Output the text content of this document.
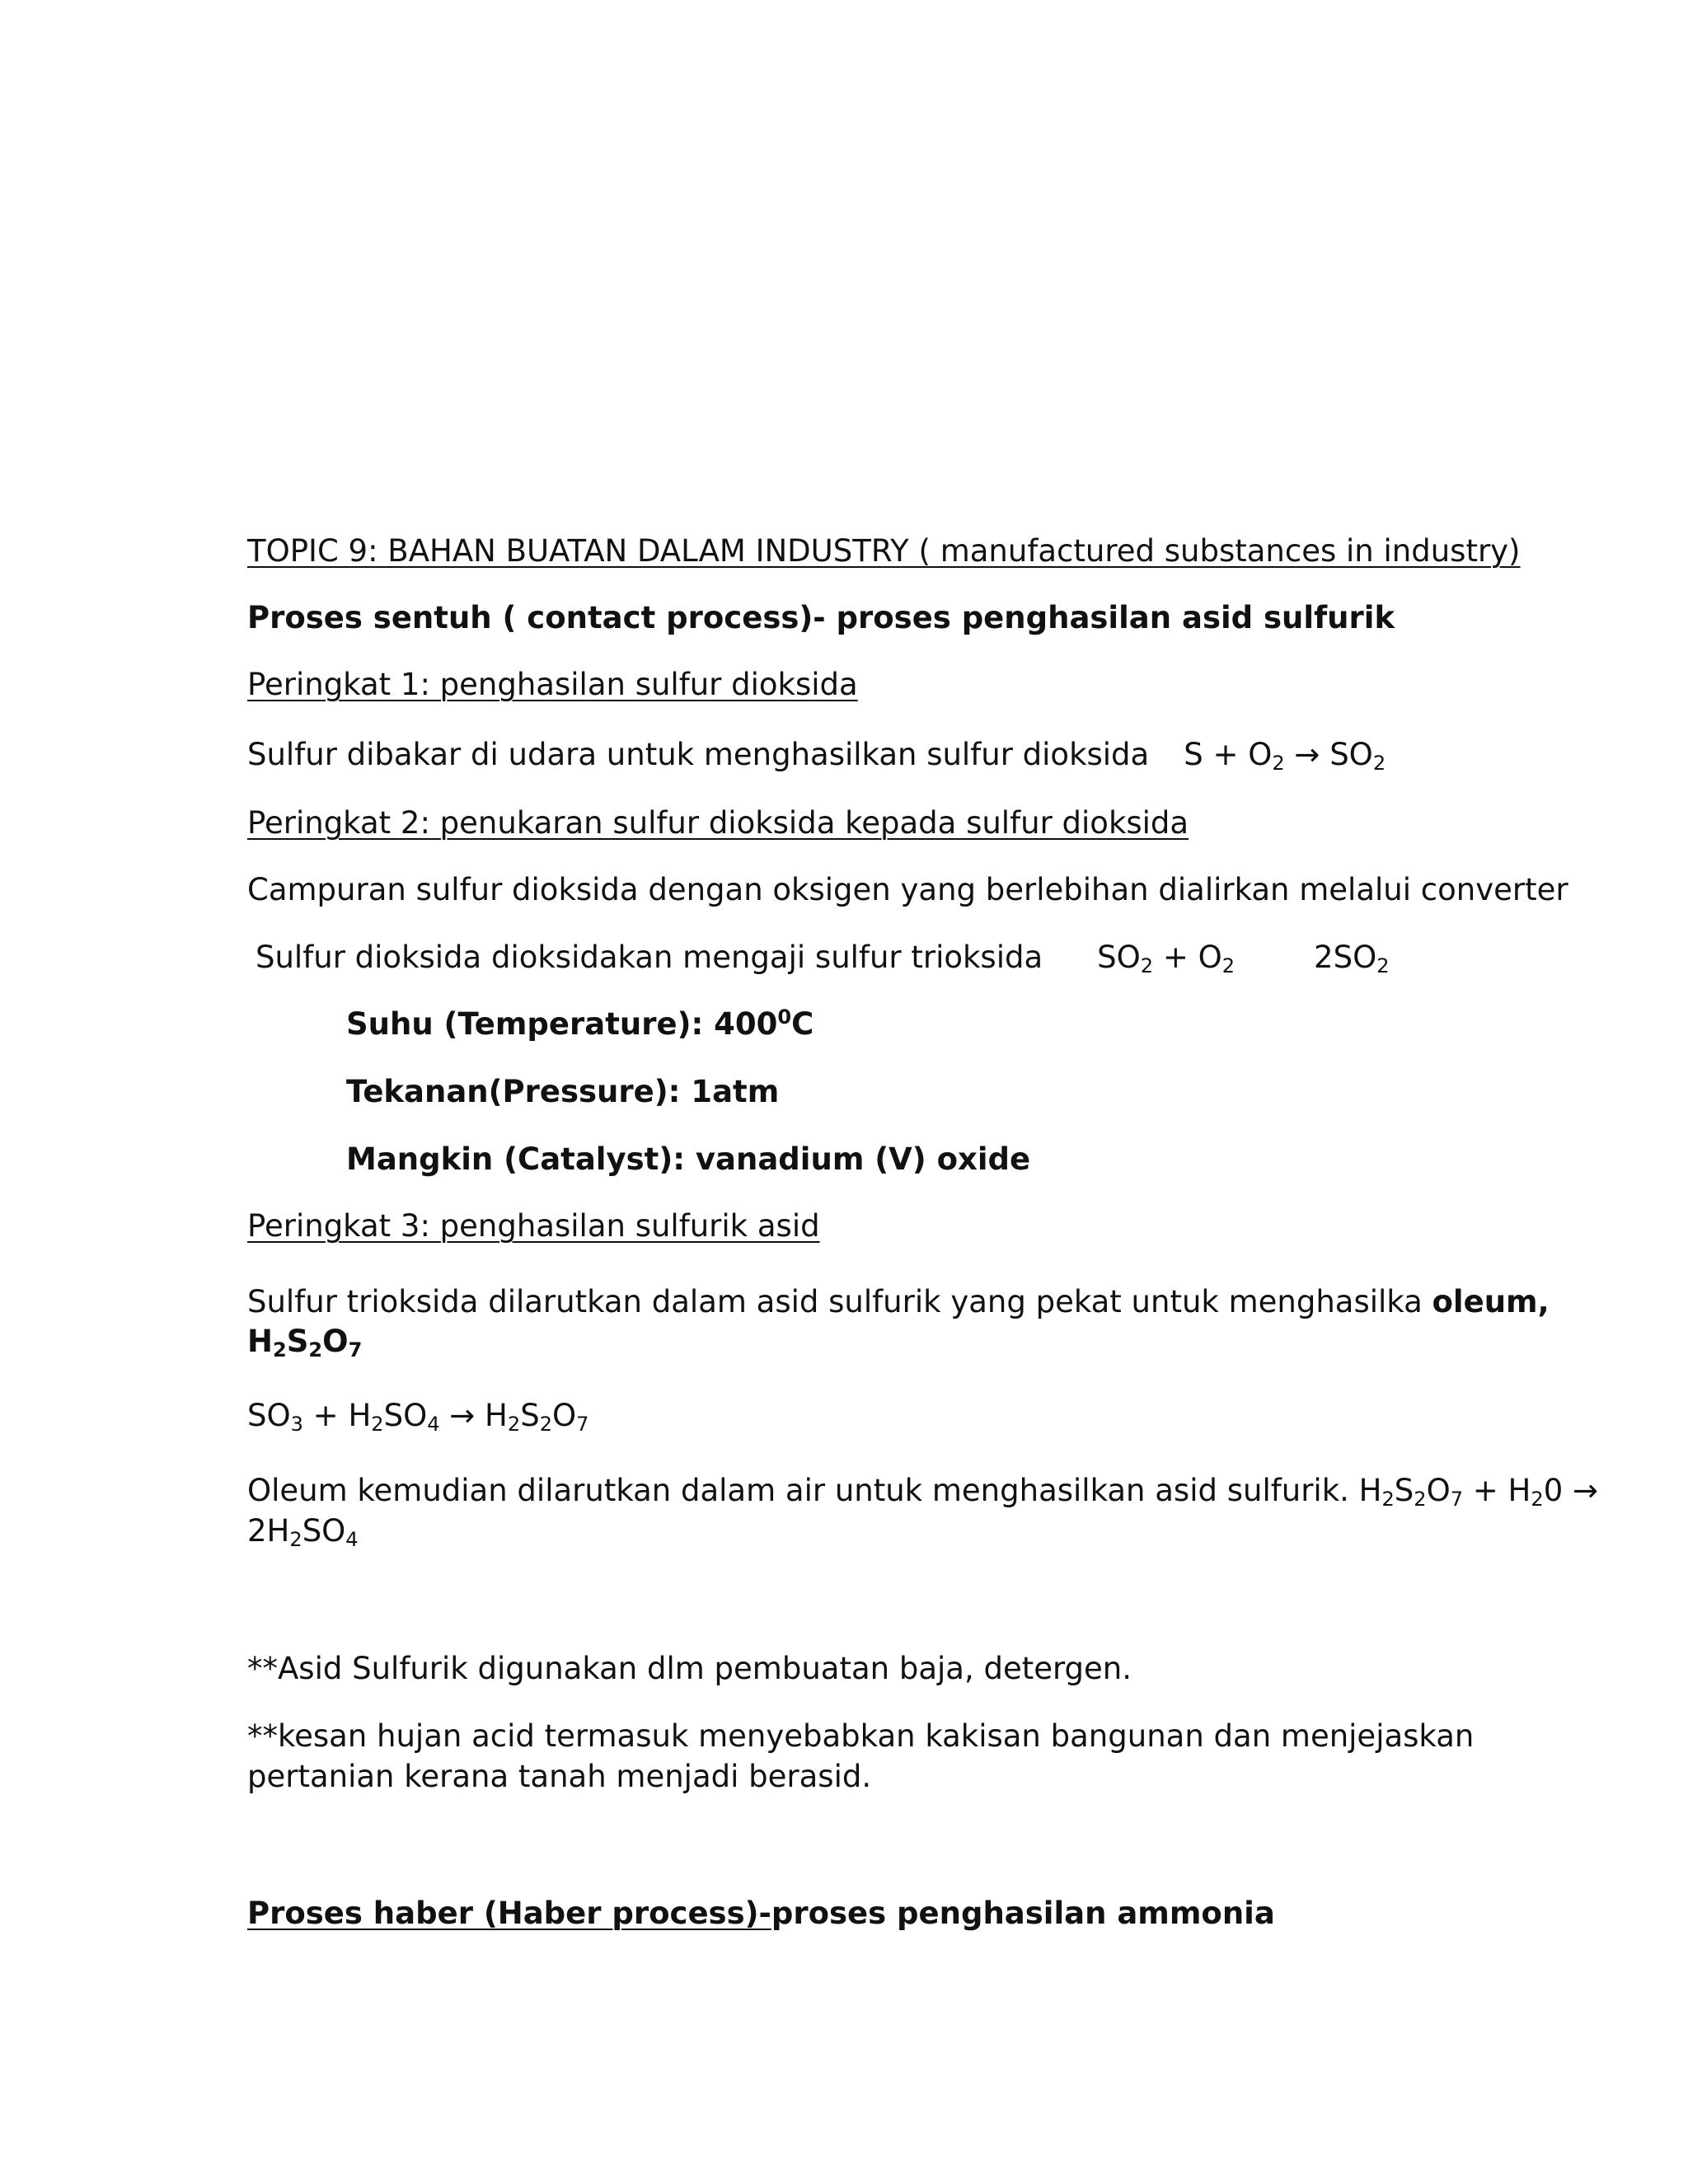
TOPIC 9: BAHAN BUATAN DALAM INDUSTRY ( manufactured substances in industry)

Proses sentuh ( contact process)- proses penghasilan asid sulfurik

Peringkat 1: penghasilan sulfur dioksida

Sulfur dibakar di udara untuk menghasilkan sulfur dioksida $S + O_2 \to SO_2$

Peringkat 2: penukaran sulfur dioksida kepada sulfur dioksida

Campuran sulfur dioksida dengan oksigen yang berlebihan dialirkan melalui converter

Sulfur dioksida dioksidakan mengaji sulfur trioksida $SO_2 + O_2$	$2SO_2$

Suhu (Temperature): $400^0C$

Tekanan(Pressure): 1atm

Mangkin (Catalyst): vanadium (V) oxide

Peringkat 3: penghasilan sulfurik asid

Sulfur trioksida dilarutkan dalam asid sulfurik yang pekat untuk menghasilka oleum,

$H_2S_2O_7$

$SO_3 + H_2SO_4 \to H_2S_2O_7$

Oleum kemudian dilarutkan dalam air untuk menghasilkan asid sulfurik. $H_2S_2O_7 + H_20$ →

$2H_2SO_4$

**Asid Sulfurik digunakan dlm pembuatan baja, detergen.

**kesan hujan acid termasuk menyebabkan kakisan bangunan dan menjejaskan

pertanian kerana tanah menjadi berasid.

Proses haber (Haber process)-proses penghasilan ammonia
